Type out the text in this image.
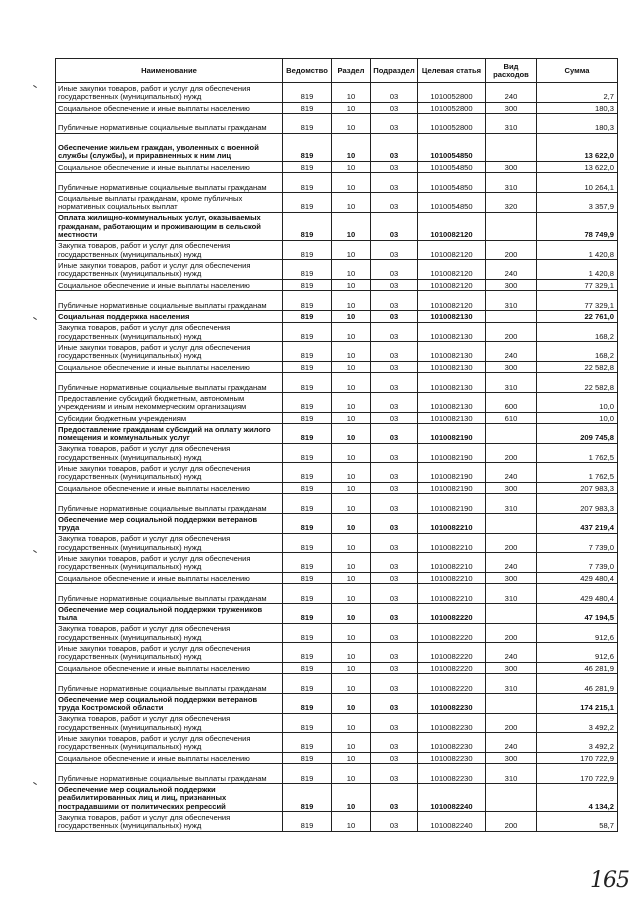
Наименование	Ведомство	Раздел	Подраздел	Целевая статья	Вид расходов	Сумма
Иные закупки товаров, работ и услуг для обеспечения государственных (муниципальных) нужд	819	10	03	1010052800	240	2,7
Социальное обеспечение и иные выплаты населению	819	10	03	1010052800	300	180,3
Публичные нормативные социальные выплаты гражданам	819	10	03	1010052800	310	180,3
Обеспечение жильем граждан, уволенных с военной службы (службы), и приравненных к ним лиц	819	10	03	1010054850		13 622,0
Социальное обеспечение и иные выплаты населению	819	10	03	1010054850	300	13 622,0
Публичные нормативные социальные выплаты гражданам	819	10	03	1010054850	310	10 264,1
Социальные выплаты гражданам, кроме публичных нормативных социальных выплат	819	10	03	1010054850	320	3 357,9
Оплата жилищно-коммунальных услуг, оказываемых гражданам, работающим и проживающим в сельской местности	819	10	03	1010082120		78 749,9
Закупка товаров, работ и услуг для обеспечения государственных (муниципальных) нужд	819	10	03	1010082120	200	1 420,8
Иные закупки товаров, работ и услуг для обеспечения государственных (муниципальных) нужд	819	10	03	1010082120	240	1 420,8
Социальное обеспечение и иные выплаты населению	819	10	03	1010082120	300	77 329,1
Публичные нормативные социальные выплаты гражданам	819	10	03	1010082120	310	77 329,1
Социальная поддержка населения	819	10	03	1010082130		22 761,0
Закупка товаров, работ и услуг для обеспечения государственных (муниципальных) нужд	819	10	03	1010082130	200	168,2
Иные закупки товаров, работ и услуг для обеспечения государственных (муниципальных) нужд	819	10	03	1010082130	240	168,2
Социальное обеспечение и иные выплаты населению	819	10	03	1010082130	300	22 582,8
Публичные нормативные социальные выплаты гражданам	819	10	03	1010082130	310	22 582,8
Предоставление субсидий бюджетным, автономным учреждениям и иным некоммерческим организациям	819	10	03	1010082130	600	10,0
Субсидии бюджетным учреждениям	819	10	03	1010082130	610	10,0
Предоставление гражданам субсидий на оплату жилого помещения и коммунальных услуг	819	10	03	1010082190		209 745,8
Закупка товаров, работ и услуг для обеспечения государственных (муниципальных) нужд	819	10	03	1010082190	200	1 762,5
Иные закупки товаров, работ и услуг для обеспечения государственных (муниципальных) нужд	819	10	03	1010082190	240	1 762,5
Социальное обеспечение и иные выплаты населению	819	10	03	1010082190	300	207 983,3
Публичные нормативные социальные выплаты гражданам	819	10	03	1010082190	310	207 983,3
Обеспечение мер социальной поддержки ветеранов труда	819	10	03	1010082210		437 219,4
Закупка товаров, работ и услуг для обеспечения государственных (муниципальных) нужд	819	10	03	1010082210	200	7 739,0
Иные закупки товаров, работ и услуг для обеспечения государственных (муниципальных) нужд	819	10	03	1010082210	240	7 739,0
Социальное обеспечение и иные выплаты населению	819	10	03	1010082210	300	429 480,4
Публичные нормативные социальные выплаты гражданам	819	10	03	1010082210	310	429 480,4
Обеспечение мер социальной поддержки тружеников тыла	819	10	03	1010082220		47 194,5
Закупка товаров, работ и услуг для обеспечения государственных (муниципальных) нужд	819	10	03	1010082220	200	912,6
Иные закупки товаров, работ и услуг для обеспечения государственных (муниципальных) нужд	819	10	03	1010082220	240	912,6
Социальное обеспечение и иные выплаты населению	819	10	03	1010082220	300	46 281,9
Публичные нормативные социальные выплаты гражданам	819	10	03	1010082220	310	46 281,9
Обеспечение мер социальной поддержки ветеранов труда Костромской области	819	10	03	1010082230		174 215,1
Закупка товаров, работ и услуг для обеспечения государственных (муниципальных) нужд	819	10	03	1010082230	200	3 492,2
Иные закупки товаров, работ и услуг для обеспечения государственных (муниципальных) нужд	819	10	03	1010082230	240	3 492,2
Социальное обеспечение и иные выплаты населению	819	10	03	1010082230	300	170 722,9
Публичные нормативные социальные выплаты гражданам	819	10	03	1010082230	310	170 722,9
Обеспечение мер социальной поддержки реабилитированных лиц и лиц, признанных пострадавшими от политических репрессий	819	10	03	1010082240		4 134,2
Закупка товаров, работ и услуг для обеспечения государственных (муниципальных) нужд	819	10	03	1010082240	200	58,7
165
